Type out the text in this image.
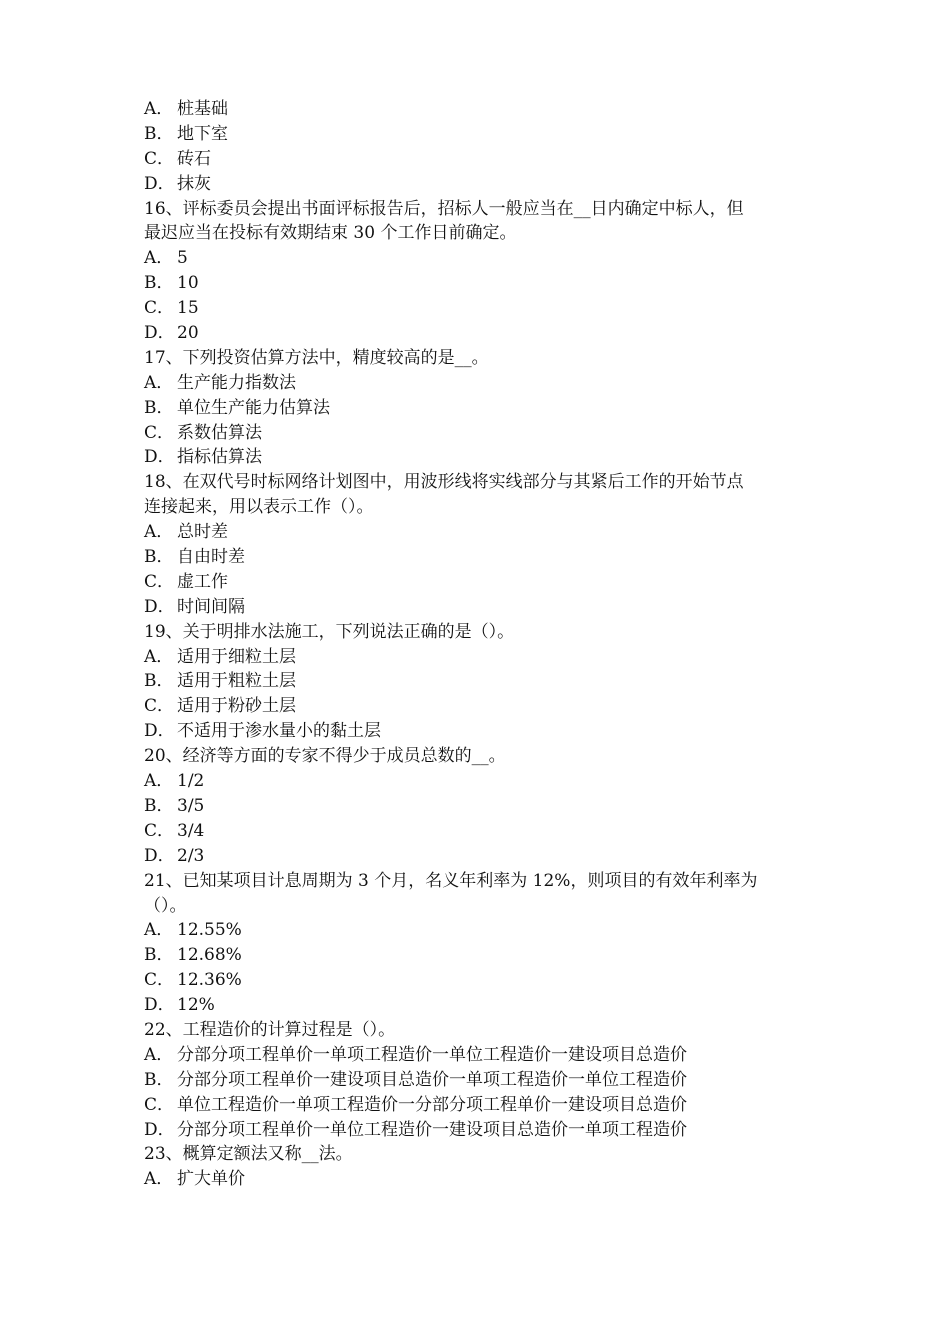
A． 桩基础
B． 地下室
C． 砖石
D． 抹灰
16、评标委员会提出书面评标报告后，招标人一般应当在__日内确定中标人，但
最迟应当在投标有效期结束 30 个工作日前确定。
A． 5
B． 10
C． 15
D． 20
17、下列投资估算方法中，精度较高的是__。
A． 生产能力指数法
B． 单位生产能力估算法
C． 系数估算法
D． 指标估算法
18、在双代号时标网络计划图中，用波形线将实线部分与其紧后工作的开始节点
连接起来，用以表示工作（）。
A． 总时差
B． 自由时差
C． 虚工作
D． 时间间隔
19、关于明排水法施工，下列说法正确的是（）。
A． 适用于细粒土层
B． 适用于粗粒土层
C． 适用于粉砂土层
D． 不适用于渗水量小的黏土层
20、经济等方面的专家不得少于成员总数的__。
A． 1/2
B． 3/5
C． 3/4
D． 2/3
21、已知某项目计息周期为 3 个月，名义年利率为 12%，则项目的有效年利率为
（）。
A． 12.55%
B． 12.68%
C． 12.36%
D． 12%
22、工程造价的计算过程是（）。
A． 分部分项工程单价一单项工程造价一单位工程造价一建设项目总造价
B． 分部分项工程单价一建设项目总造价一单项工程造价一单位工程造价
C． 单位工程造价一单项工程造价一分部分项工程单价一建设项目总造价
D． 分部分项工程单价一单位工程造价一建设项目总造价一单项工程造价
23、概算定额法又称__法。
A． 扩大单价
